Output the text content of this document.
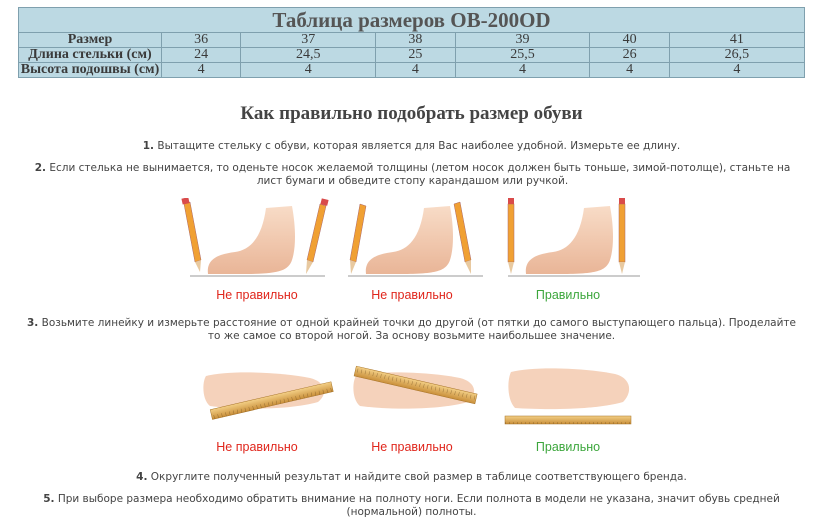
Таблица размеров OB-200OD						
Размер	36	37	38	39	40	41
Длина стельки (см)	24	24,5	25	25,5	26	26,5
Высота подошвы (см)	4	4	4	4	4	4
Как правильно подобрать размер обуви
1. Вытащите стельку с обуви, которая является для Вас наиболее удобной. Измерьте ее длину.
2. Если стелька не вынимается, то оденьте носок желаемой толщины (летом носок должен быть тоньше, зимой-потолще), станьте на лист бумаги и обведите стопу карандашом или ручкой.
Не правильно	Не правильно	Правильно
3. Возьмите линейку и измерьте расстояние от одной крайней точки до другой (от пятки до самого выступающего пальца). Проделайте то же самое со второй ногой. За основу возьмите наибольшее значение.
Не правильно	Не правильно	Правильно
4. Округлите полученный результат и найдите свой размер в таблице соответствующего бренда.
5. При выборе размера необходимо обратить внимание на полноту ноги. Если полнота в модели не указана, значит обувь средней (нормальной) полноты.
